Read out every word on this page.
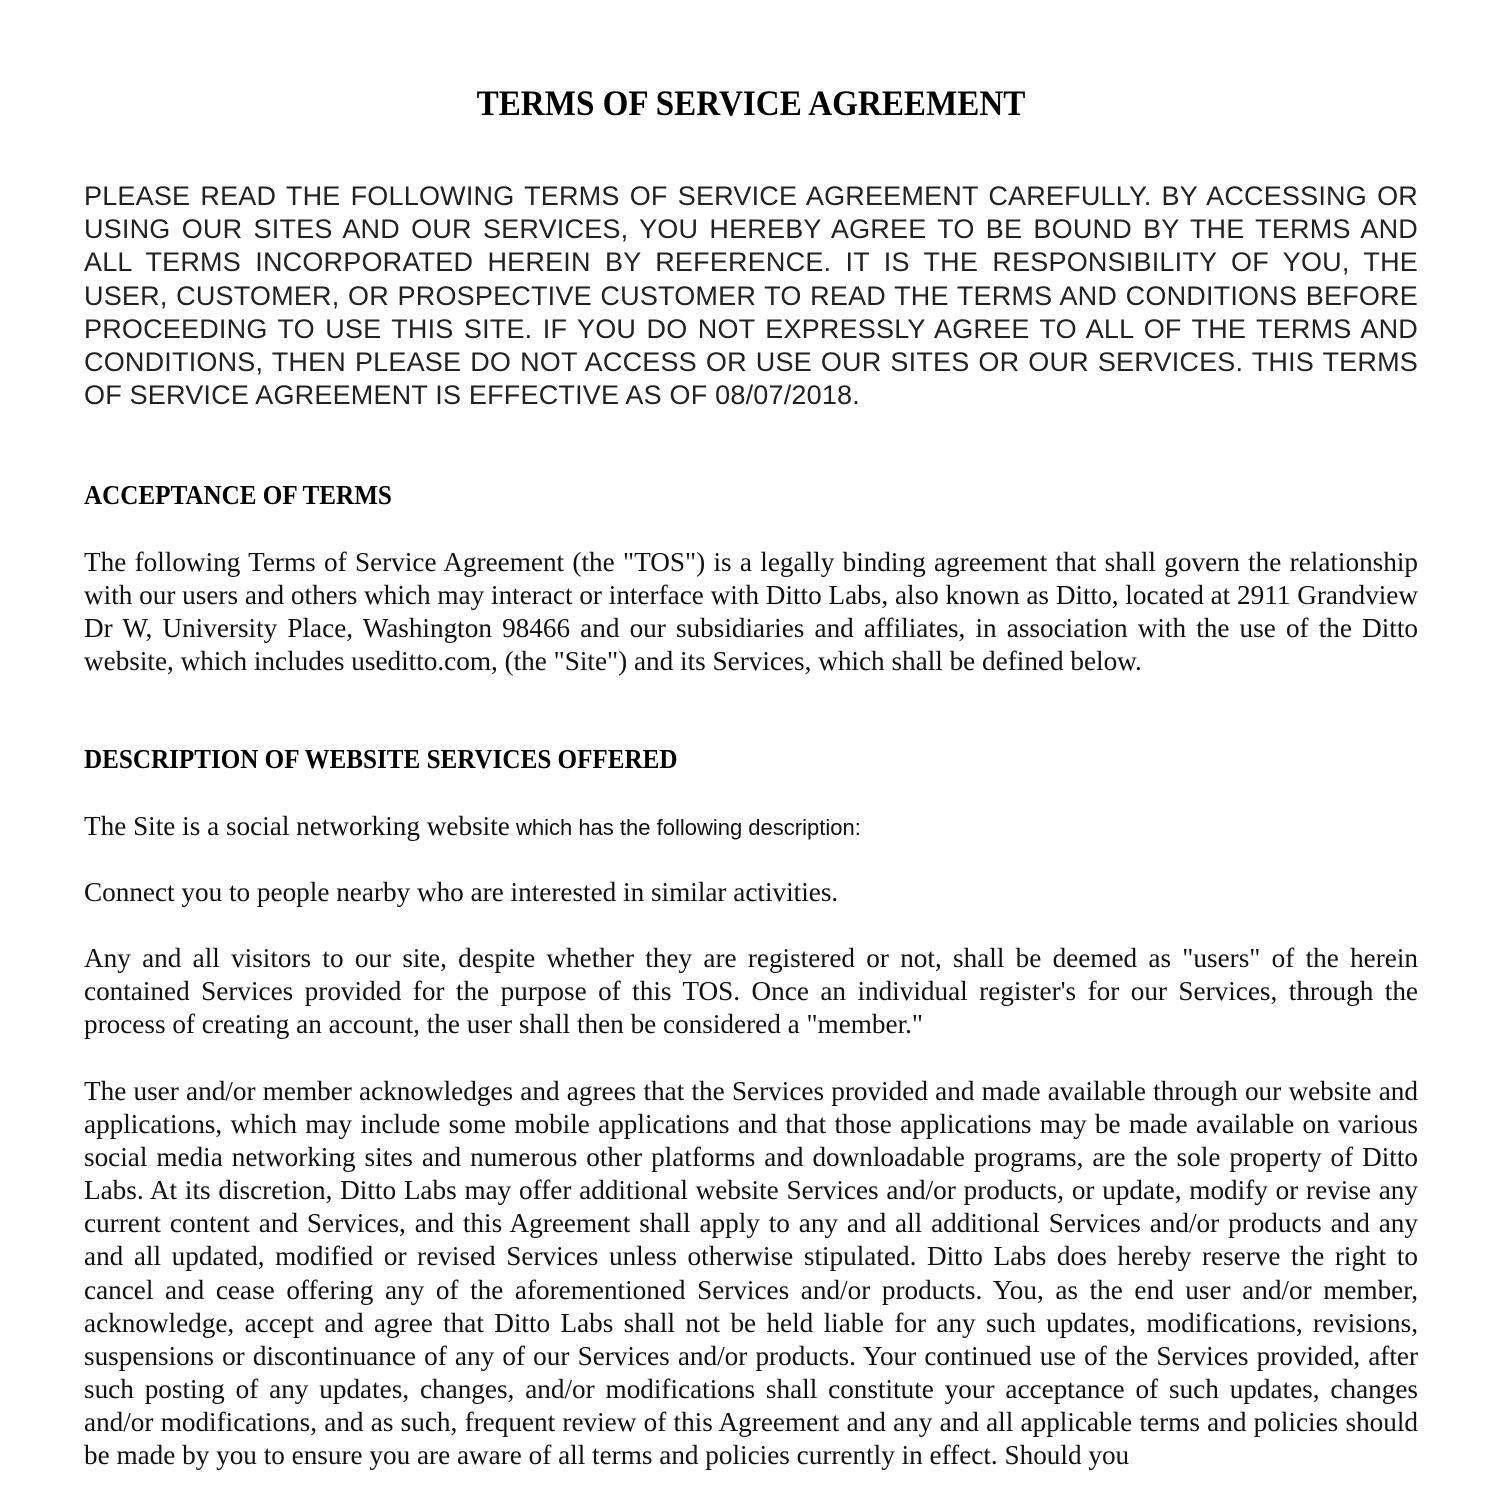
TERMS OF SERVICE AGREEMENT
PLEASE READ THE FOLLOWING TERMS OF SERVICE AGREEMENT CAREFULLY. BY ACCESSING OR USING OUR SITES AND OUR SERVICES, YOU HEREBY AGREE TO BE BOUND BY THE TERMS AND ALL TERMS INCORPORATED HEREIN BY REFERENCE. IT IS THE RESPONSIBILITY OF YOU, THE USER, CUSTOMER, OR PROSPECTIVE CUSTOMER TO READ THE TERMS AND CONDITIONS BEFORE PROCEEDING TO USE THIS SITE. IF YOU DO NOT EXPRESSLY AGREE TO ALL OF THE TERMS AND CONDITIONS, THEN PLEASE DO NOT ACCESS OR USE OUR SITES OR OUR SERVICES. THIS TERMS OF SERVICE AGREEMENT IS EFFECTIVE AS OF 08/07/2018.
ACCEPTANCE OF TERMS
The following Terms of Service Agreement (the "TOS") is a legally binding agreement that shall govern the relationship with our users and others which may interact or interface with Ditto Labs, also known as Ditto, located at 2911 Grandview Dr W, University Place, Washington 98466 and our subsidiaries and affiliates, in association with the use of the Ditto website, which includes useditto.com, (the "Site") and its Services, which shall be defined below.
DESCRIPTION OF WEBSITE SERVICES OFFERED
The Site is a social networking website which has the following description:
Connect you to people nearby who are interested in similar activities.
Any and all visitors to our site, despite whether they are registered or not, shall be deemed as "users" of the herein contained Services provided for the purpose of this TOS. Once an individual register's for our Services, through the process of creating an account, the user shall then be considered a "member."
The user and/or member acknowledges and agrees that the Services provided and made available through our website and applications, which may include some mobile applications and that those applications may be made available on various social media networking sites and numerous other platforms and downloadable programs, are the sole property of Ditto Labs. At its discretion, Ditto Labs may offer additional website Services and/or products, or update, modify or revise any current content and Services, and this Agreement shall apply to any and all additional Services and/or products and any and all updated, modified or revised Services unless otherwise stipulated. Ditto Labs does hereby reserve the right to cancel and cease offering any of the aforementioned Services and/or products. You, as the end user and/or member, acknowledge, accept and agree that Ditto Labs shall not be held liable for any such updates, modifications, revisions, suspensions or discontinuance of any of our Services and/or products. Your continued use of the Services provided, after such posting of any updates, changes, and/or modifications shall constitute your acceptance of such updates, changes and/or modifications, and as such, frequent review of this Agreement and any and all applicable terms and policies should be made by you to ensure you are aware of all terms and policies currently in effect. Should you
